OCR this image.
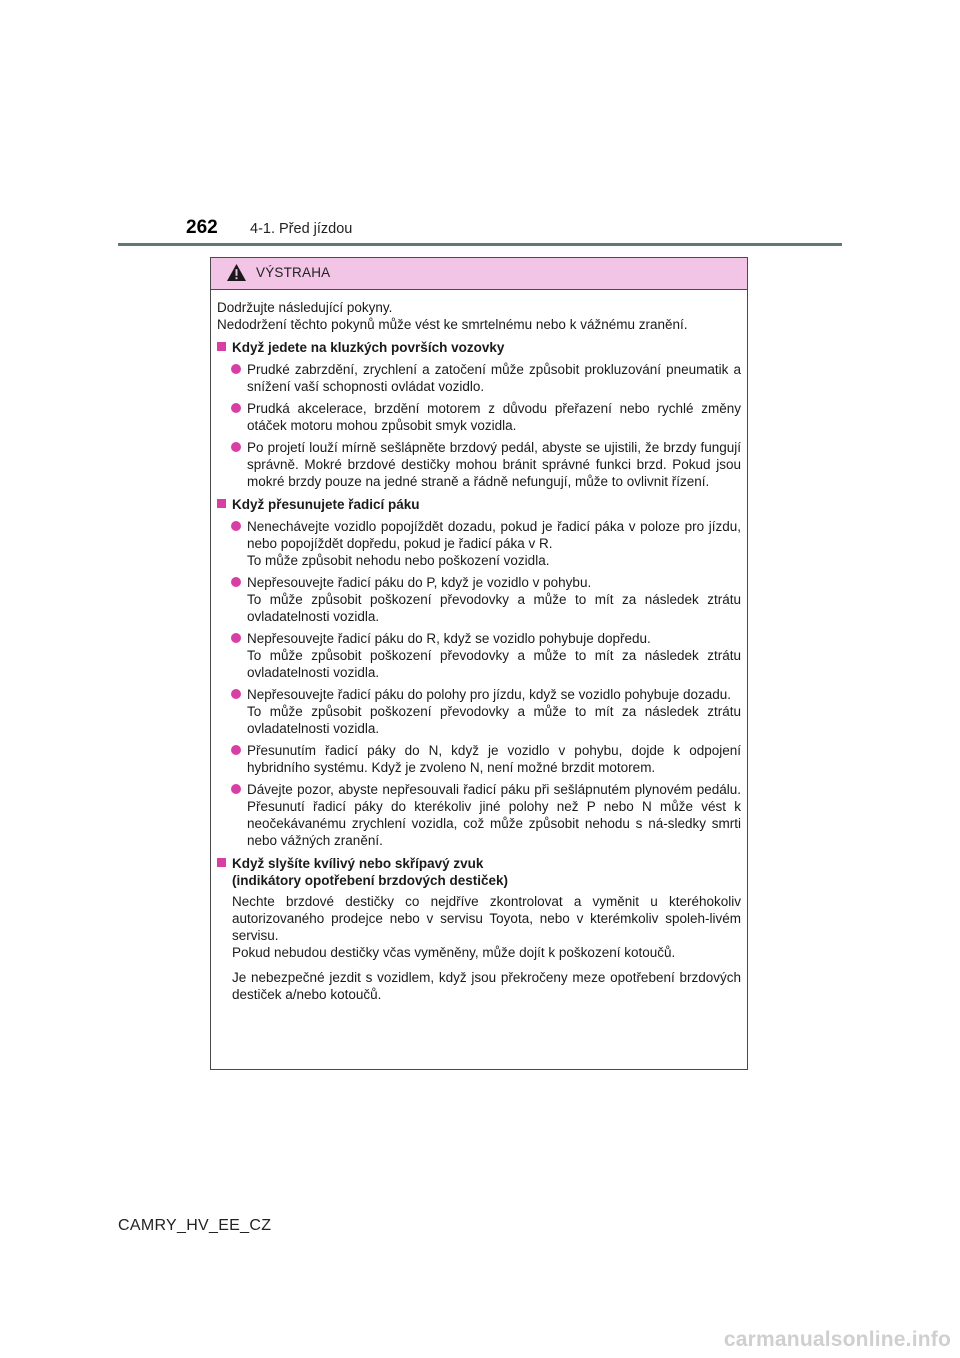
262 4-1. Před jízdou
VÝSTRAHA

Dodržujte následující pokyny.

Nedodržení těchto pokynů může vést ke smrtelnému nebo k vážnému zranění.

Když jedete na kluzkých površích vozovky

Prudké zabrzdění, zrychlení a zatočení může způsobit prokluzování pneumatik a snížení vaší schopnosti ovládat vozidlo.

Prudká akcelerace, brzdění motorem z důvodu přeřazení nebo rychlé změny otáček motoru mohou způsobit smyk vozidla.

Po projetí louží mírně sešlápněte brzdový pedál, abyste se ujistili, že brzdy fungují správně. Mokré brzdové destičky mohou bránit správné funkci brzd. Pokud jsou mokré brzdy pouze na jedné straně a řádně nefungují, může to ovlivnit řízení.

Když přesunujete řadicí páku

Nenechávejte vozidlo popojíždět dozadu, pokud je řadicí páka v poloze pro jízdu, nebo popojíždět dopředu, pokud je řadicí páka v R.

To může způsobit nehodu nebo poškození vozidla.

Nepřesouvejte řadicí páku do P, když je vozidlo v pohybu.

To může způsobit poškození převodovky a může to mít za následek ztrátu ovladatelnosti vozidla.

Nepřesouvejte řadicí páku do R, když se vozidlo pohybuje dopředu.

To může způsobit poškození převodovky a může to mít za následek ztrátu ovladatelnosti vozidla.

Nepřesouvejte řadicí páku do polohy pro jízdu, když se vozidlo pohybuje dozadu.

To může způsobit poškození převodovky a může to mít za následek ztrátu ovladatelnosti vozidla.

Přesunutím řadicí páky do N, když je vozidlo v pohybu, dojde k odpojení hybridního systému. Když je zvoleno N, není možné brzdit motorem.

Dávejte pozor, abyste nepřesouvali řadicí páku při sešlápnutém plynovém pedálu. Přesunutí řadicí páky do kterékoliv jiné polohy než P nebo N může vést k neočekávanému zrychlení vozidla, což může způsobit nehodu s ná-sledky smrti nebo vážných zranění.

Když slyšíte kvílivý nebo skřípavý zvuk

(indikátory opotřebení brzdových destiček)

Nechte brzdové destičky co nejdříve zkontrolovat a vyměnit u kteréhokoliv autorizovaného prodejce nebo v servisu Toyota, nebo v kterémkoliv spoleh-livém servisu.

Pokud nebudou destičky včas vyměněny, může dojít k poškození kotoučů.

Je nebezpečné jezdit s vozidlem, když jsou překročeny meze opotřebení brzdových destiček a/nebo kotoučů.

CAMRY_HV_EE_CZ
carmanualsonline.info
